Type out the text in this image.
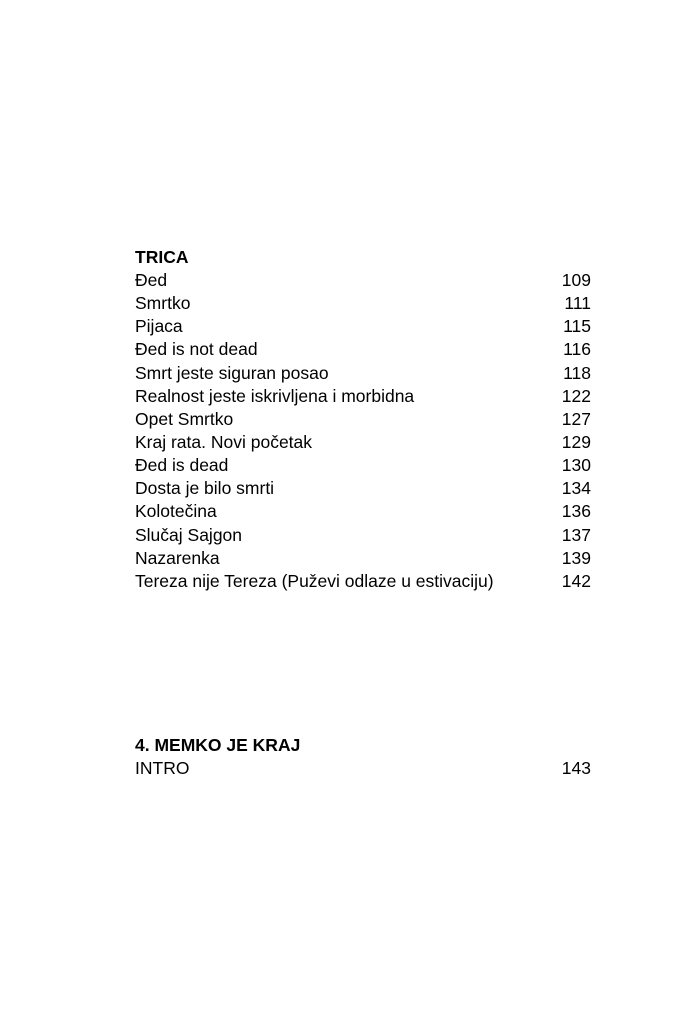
TRICA
Đed	109
Smrtko	111
Pijaca	115
Đed is not dead	116
Smrt jeste siguran posao	118
Realnost jeste iskrivljena i morbidna	122
Opet Smrtko	127
Kraj rata. Novi početak	129
Đed is dead	130
Dosta je bilo smrti	134
Kolotečina	136
Slučaj Sajgon	137
Nazarenka	139
Tereza nije Tereza (Puževi odlaze u estivaciju)	142
4. MEMKO JE KRAJ
INTRO	143
